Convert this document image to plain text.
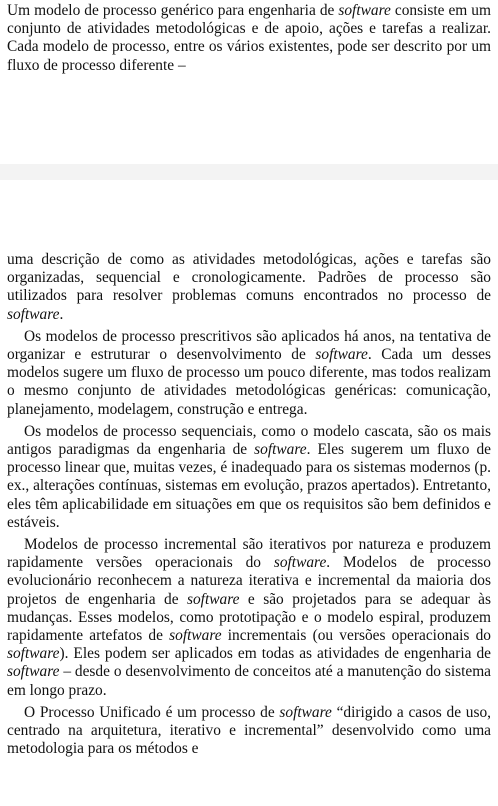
Um modelo de processo genérico para engenharia de software consiste em um conjunto de atividades metodológicas e de apoio, ações e tarefas a realizar. Cada modelo de processo, entre os vários existentes, pode ser descrito por um fluxo de processo diferente –

uma descrição de como as atividades metodológicas, ações e tarefas são organizadas, sequencial e cronologicamente. Padrões de processo são utilizados para resolver problemas comuns encontrados no processo de software.

Os modelos de processo prescritivos são aplicados há anos, na tentativa de organizar e estruturar o desenvolvimento de software. Cada um desses modelos sugere um fluxo de processo um pouco diferente, mas todos realizam o mesmo conjunto de atividades metodológicas genéricas: comunicação, planejamento, modelagem, construção e entrega.

Os modelos de processo sequenciais, como o modelo cascata, são os mais antigos paradigmas da engenharia de software. Eles sugerem um fluxo de processo linear que, muitas vezes, é inadequado para os sistemas modernos (p. ex., alterações contínuas, sistemas em evolução, prazos apertados). Entretanto, eles têm aplicabilidade em situações em que os requisitos são bem definidos e estáveis.

Modelos de processo incremental são iterativos por natureza e produzem rapidamente versões operacionais do software. Modelos de processo evolucionário reconhecem a natureza iterativa e incremental da maioria dos projetos de engenharia de software e são projetados para se adequar às mudanças. Esses modelos, como prototipação e o modelo espiral, produzem rapidamente artefatos de software incrementais (ou versões operacionais do software). Eles podem ser aplicados em todas as atividades de engenharia de software – desde o desenvolvimento de conceitos até a manutenção do sistema em longo prazo.

O Processo Unificado é um processo de software “dirigido a casos de uso, centrado na arquitetura, iterativo e incremental” desenvolvido como uma metodologia para os métodos e
